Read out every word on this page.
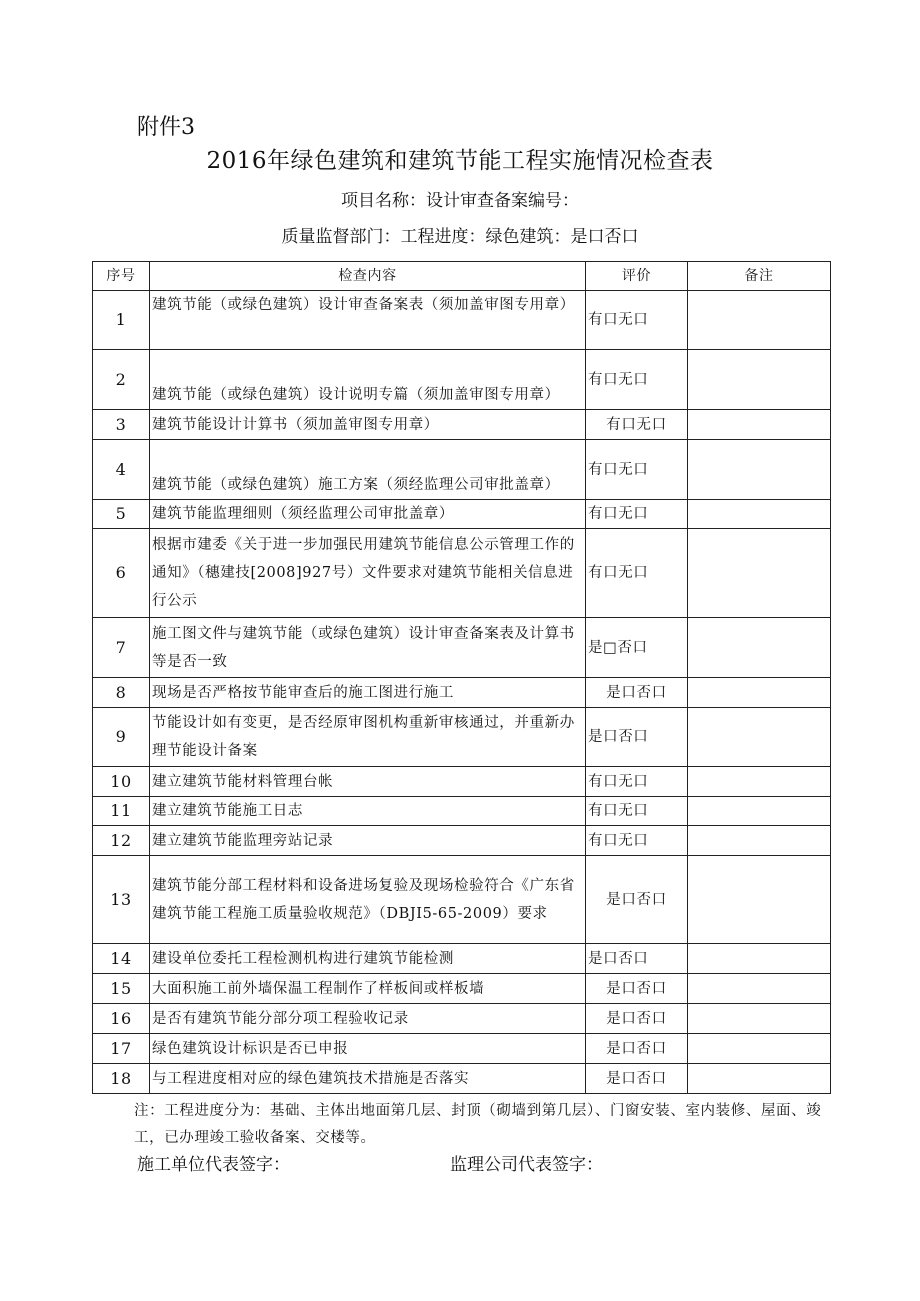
附件3
2016年绿色建筑和建筑节能工程实施情况检查表
项目名称：设计审查备案编号：
质量监督部门：工程进度：绿色建筑：是口否口
序号	检查内容	评价	备注
1	建筑节能（或绿色建筑）设计审查备案表（须加盖审图专用章）	有口无口	
2	建筑节能（或绿色建筑）设计说明专篇（须加盖审图专用章）	有口无口	
3	建筑节能设计计算书（须加盖审图专用章）	有口无口	
4	建筑节能（或绿色建筑）施工方案（须经监理公司审批盖章）	有口无口	
5	建筑节能监理细则（须经监理公司审批盖章）	有口无口	
6	根据市建委《关于进一步加强民用建筑节能信息公示管理工作的通知》（穗建技[2008]927号）文件要求对建筑节能相关信息进行公示	有口无口	
7	施工图文件与建筑节能（或绿色建筑）设计审查备案表及计算书等是否一致	是□否口	
8	现场是否严格按节能审查后的施工图进行施工	是口否口	
9	节能设计如有变更，是否经原审图机构重新审核通过，并重新办理节能设计备案	是口否口	
10	建立建筑节能材料管理台帐	有口无口	
11	建立建筑节能施工日志	有口无口	
12	建立建筑节能监理旁站记录	有口无口	
13	建筑节能分部工程材料和设备进场复验及现场检验符合《广东省建筑节能工程施工质量验收规范》（DBJI5-65-2009）要求	是口否口	
14	建设单位委托工程检测机构进行建筑节能检测	是口否口	
15	大面积施工前外墙保温工程制作了样板间或样板墙	是口否口	
16	是否有建筑节能分部分项工程验收记录	是口否口	
17	绿色建筑设计标识是否已申报	是口否口	
18	与工程进度相对应的绿色建筑技术措施是否落实	是口否口	
注：工程进度分为：基础、主体出地面第几层、封顶（砌墙到第几层）、门窗安装、室内装修、屋面、竣工，已办理竣工验收备案、交楼等。
施工单位代表签字：	监理公司代表签字：
